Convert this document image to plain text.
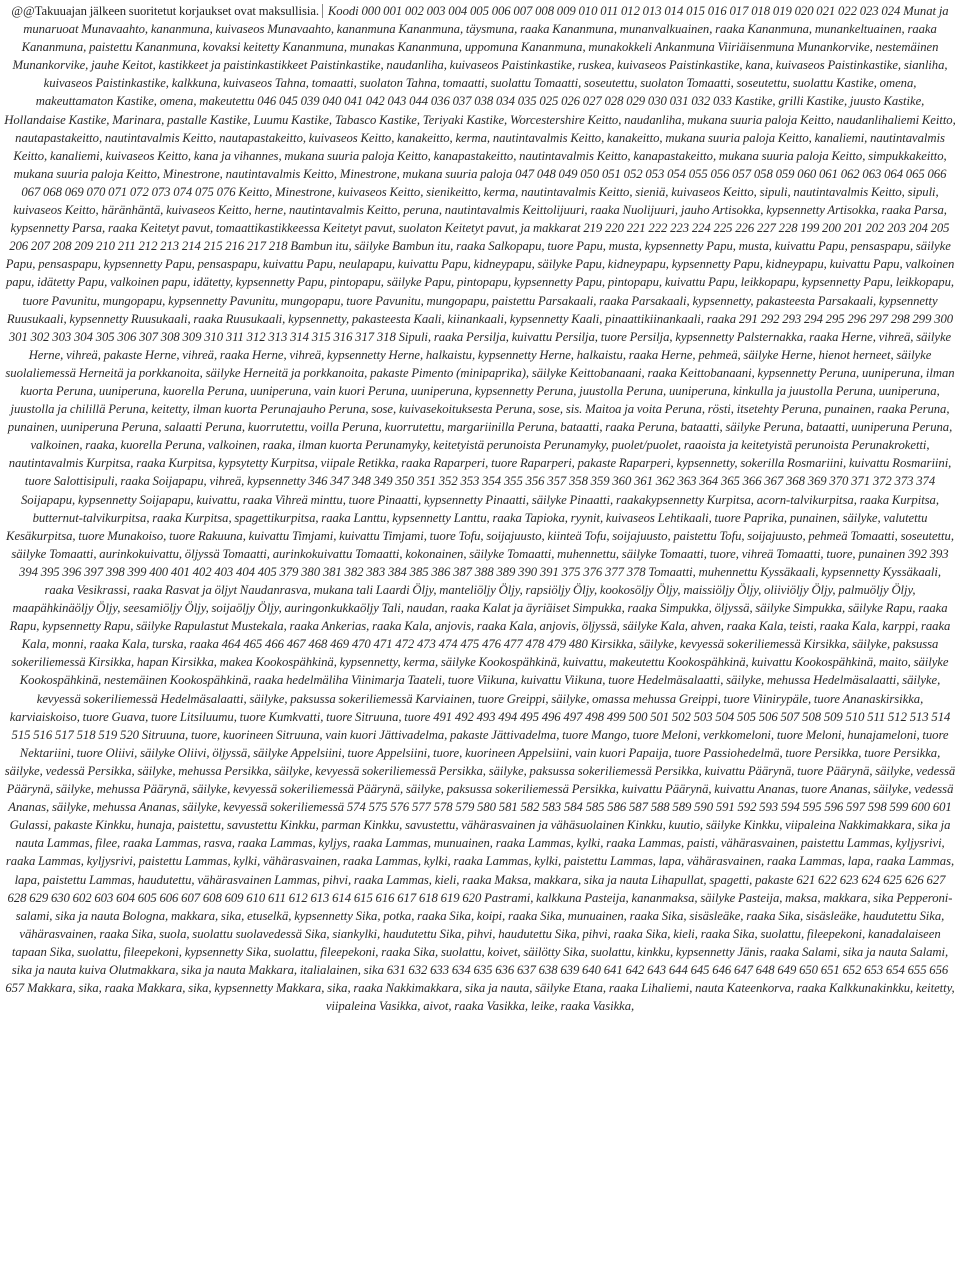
@@Takuuajan jälkeen suoritetut korjaukset ovat maksullisia. Koodi 000 001 002 003 004 005 006 007 008 009 010 011 012 013 014 015 016 017 018 019 020 021 022 023 024 Munat ja munaruoat Munavaahto, kananmuna, kuivaseos Munavaahto, kananmuna Kananmuna, täysmuna, raaka Kananmuna, munanvalkuainen, raaka Kananmuna, munankeltuainen, raaka Kananmuna, paistettu Kananmuna, kovaksi keitetty Kananmuna, munakas Kananmuna, uppomuna Kananmuna, munakokkeli Ankanmuna Viiriäisenmuna Munankorvike, nestemäinen Munankorvike, jauhe Keitot, kastikkeet ja paistinkastikkeet Paistinkastike, naudanliha, kuivaseos Paistinkastike, ruskea, kuivaseos Paistinkastike, kana, kuivaseos Paistinkastike, sianliha, kuivaseos Paistinkastike, kalkkuna, kuivaseos Tahna, tomaatti, suolaton Tahna, tomaatti, suolattu Tomaatti, soseutettu, suolaton Tomaatti, soseutettu, suolattu Kastike, omena, makeuttamaton Kastike, omena, makeutettu 046 045 039 040 041 042 043 044 036 037 038 034 035 025 026 027 028 029 030 031 032 033 Kastike, grilli Kastike, juusto Kastike, Hollandaise Kastike, Marinara, pastalle Kastike, Luumu Kastike, Tabasco Kastike, Teriyaki Kastike, Worcestershire Keitto, naudanliha, mukana suuria paloja Keitto, naudanlihaliemi Keitto, nautapastakeitto, nautintavalmis Keitto, nautapastakeitto, kuivaseos Keitto, kanakeitto, kerma, nautintavalmis Keitto, kanakeitto, mukana suuria paloja Keitto, kanaliemi, nautintavalmis Keitto, kanaliemi, kuivaseos Keitto, kana ja vihannes, mukana suuria paloja Keitto, kanapastakeitto, nautintavalmis Keitto, kanapastakeitto, mukana suuria paloja Keitto, simpukkakeitto, mukana suuria paloja Keitto, Minestrone, nautintavalmis Keitto, Minestrone, mukana suuria paloja 047 048 049 050 051 052 053 054 055 056 057 058 059 060 061 062 063 064 065 066 067 068 069 070 071 072 073 074 075 076 Keitto, Minestrone, kuivaseos Keitto, sienikeitto, kerma, nautintavalmis Keitto, sieniä, kuivaseos Keitto, sipuli, nautintavalmis Keitto, sipuli, kuivaseos Keitto, häränhäntä, kuivaseos Keitto, herne, nautintavalmis Keitto, peruna, nautintavalmis Keittolijuuri, raaka Nuolijuuri, jauho Artisokka, kypsennetty Artisokka, raaka Parsa, kypsennetty Parsa, raaka Keitetyt pavut, tomaattikastikkeessa Keitetyt pavut, suolaton Keitetyt pavut, ja makkarat 219 220 221 222 223 224 225 226 227 228 199 200 201 202 203 204 205 206 207 208 209 210 211 212 213 214 215 216 217 218 Bambun itu, säilyke Bambun itu, raaka Salkopapu, tuore Papu, musta, kypsennetty Papu, musta, kuivattu Papu, pensaspapu, säilyke Papu, pensaspapu, kypsennetty Papu, pensaspapu, kuivattu Papu, neulapapu, kuivattu Papu, kidneypapu, säilyke Papu, kidneypapu, kypsennetty Papu, kidneypapu, kuivattu Papu, valkoinen papu, idätetty Papu, valkoinen papu, idätetty, kypsennetty Papu, pintopapu, säilyke Papu, pintopapu, kypsennetty Papu, pintopapu, kuivattu Papu, leikkopapu, kypsennetty Papu, leikkopapu, tuore Pavunitu, mungopapu, kypsennetty Pavunitu, mungopapu, tuore Pavunitu, mungopapu, paistettu Parsakaali, raaka Parsakaali, kypsennetty, pakasteesta Parsakaali, kypsennetty Ruusukaali, kypsennetty Ruusukaali, raaka Ruusukaali, kypsennetty, pakasteesta Kaali, kiinankaali, kypsennetty Kaali, pinaattikiinankaali, raaka 291 292 293 294 295 296 297 298 299 300 301 302 303 304 305 306 307 308 309 310 311 312 313 314 315 316 317 318 Sipuli, raaka Persilja, kuivattu Persilja, tuore Persilja, kypsennetty Palsternakka, raaka Herne, vihreä, säilyke Herne, vihreä, pakaste Herne, vihreä, raaka Herne, vihreä, kypsennetty Herne, halkaistu, kypsennetty Herne, halkaistu, raaka Herne, pehmeä, säilyke Herne, hienot herneet, säilyke suolaliemessä Herneitä ja porkkanoita, säilyke Herneitä ja porkkanoita, pakaste Pimento (minipaprika), säilyke Keittobanaani, raaka Keittobanaani, kypsennetty Peruna, uuniperuna, ilman kuorta Peruna, uuniperuna, kuorella Peruna, uuniperuna, vain kuori Peruna, uuniperuna, kypsennetty Peruna, juustolla Peruna, uuniperuna, kinkulla ja juustolla Peruna, uuniperuna, juustolla ja chilillä Peruna, keitetty, ilman kuorta Perunajauho Peruna, sose, kuivasekoituksesta Peruna, sose, sis. Maitoa ja voita Peruna, rösti, itsetehty Peruna, punainen, raaka Peruna, punainen, uuniperuna Peruna, salaatti Peruna, kuorrutettu, voilla Peruna, kuorrutettu, margariinilla Peruna, bataatti, raaka Peruna, bataatti, säilyke Peruna, bataatti, uuniperuna Peruna, valkoinen, raaka, kuorella Peruna, valkoinen, raaka, ilman kuorta Perunamyky, keitetyistä perunoista Perunamyky, puolet/puolet, raaoista ja keitetyistä perunoista Perunakroketti, nautintavalmis Kurpitsa, raaka Kurpitsa, kypsytetty Kurpitsa, viipale Retikka, raaka Raparperi, tuore Raparperi, pakaste Raparperi, kypsennetty, sokerilla Rosmariini, kuivattu Rosmariini, tuore Salottisipuli, raaka Soijapapu, vihreä, kypsennetty 346 347 348 349 350 351 352 353 354 355 356 357 358 359 360 361 362 363 364 365 366 367 368 369 370 371 372 373 374 Soijapapu, kypsennetty Soijapapu, kuivattu, raaka Vihreä minttu, tuore Pinaatti, kypsennetty Pinaatti, säilyke Pinaatti, raakakypsennetty Kurpitsa, acorn-talvikurpitsa, raaka Kurpitsa, butternut-talvikurpitsa, raaka Kurpitsa, spagettikurpitsa, raaka Lanttu, kypsennetty Lanttu, raaka Tapioka, ryynit, kuivaseos Lehtikaali, tuore Paprika, punainen, säilyke, valutettu Kesäkurpitsa, tuore Munakoiso, tuore Rakuuna, kuivattu Timjami, kuivattu Timjami, tuore Tofu, soijajuusto, kiinteä Tofu, soijajuusto, paistettu Tofu, soijajuusto, pehmeä Tomaatti, soseutettu, säilyke Tomaatti, aurinkokuivattu, öljyssä Tomaatti, aurinkokuivattu Tomaatti, kokonainen, säilyke Tomaatti, muhennettu, säilyke Tomaatti, tuore, vihreä Tomaatti, tuore, punainen 392 393 394 395 396 397 398 399 400 401 402 403 404 405 379 380 381 382 383 384 385 386 387 388 389 390 391 375 376 377 378 Tomaatti, muhennettu Kyssäkaali, kypsennetty Kyssäkaali, raaka Vesikrassi, raaka Rasvat ja öljyt Naudanrasva, mukana tali Laardi Öljy, manteliöljy Öljy, rapsiöljy Öljy, kookosöljy Öljy, maissiöljy Öljy, oliiviöljy Öljy, palmuöljy Öljy, maapähkinäöljy Öljy, seesamiöljy Öljy, soijaöljy Öljy, auringonkukkaöljy Tali, naudan, raaka Kalat ja äyriäiset Simpukka, raaka Simpukka, öljyssä, säilyke Simpukka, säilyke Rapu, raaka Rapu, kypsennetty Rapu, säilyke Rapulastut Mustekala, raaka Ankerias, raaka Kala, anjovis, raaka Kala, anjovis, öljyssä, säilyke Kala, ahven, raaka Kala, teisti, raaka Kala, karppi, raaka Kala, monni, raaka Kala, turska, raaka 464 465 466 467 468 469 470 471 472 473 474 475 476 477 478 479 480 Kirsikka, säilyke, kevyessä sokeriliemessä Kirsikka, säilyke, paksussa sokeriliemessä Kirsikka, hapan Kirsikka, makea Kookospähkinä, kypsennetty, kerma, säilyke Kookospähkinä, kuivattu, makeutettu Kookospähkinä, kuivattu Kookospähkinä, maito, säilyke Kookospähkinä, nestemäinen Kookospähkinä, raaka hedelmäliha Viinimarja Taateli, tuore Viikuna, kuivattu Viikuna, tuore Hedelmäsalaatti, säilyke, mehussa Hedelmäsalaatti, säilyke, kevyessä sokeriliemessä Hedelmäsalaatti, säilyke, paksussa sokeriliemessä Karviainen, tuore Greippi, säilyke, omassa mehussa Greippi, tuore Viinirypäle, tuore Ananaskirsikka, karviaiskoiso, tuore Guava, tuore Litsiluumu, tuore Kumkvatti, tuore Sitruuna, tuore 491 492 493 494 495 496 497 498 499 500 501 502 503 504 505 506 507 508 509 510 511 512 513 514 515 516 517 518 519 520 Sitruuna, tuore, kuorineen Sitruuna, vain kuori Jättivadelma, pakaste Jättivadelma, tuore Mango, tuore Meloni, verkkomeloni, tuore Meloni, hunajameloni, tuore Nektariini, tuore Oliivi, säilyke Oliivi, öljyssä, säilyke Appelsiini, tuore Appelsiini, tuore, kuorineen Appelsiini, vain kuori Papaija, tuore Passiohedelmä, tuore Persikka, tuore Persikka, säilyke, vedessä Persikka, säilyke, mehussa Persikka, säilyke, kevyessä sokeriliemessä Persikka, säilyke, paksussa sokeriliemessä Persikka, kuivattu Päärynä, tuore Päärynä, säilyke, vedessä Päärynä, säilyke, mehussa Päärynä, säilyke, kevyessä sokeriliemessä Päärynä, säilyke, paksussa sokeriliemessä Persikka, kuivattu Päärynä, kuivattu Ananas, tuore Ananas, säilyke, vedessä Ananas, säilyke, mehussa Ananas, säilyke, kevyessä sokeriliemessä 574 575 576 577 578 579 580 581 582 583 584 585 586 587 588 589 590 591 592 593 594 595 596 597 598 599 600 601 Gulassi, pakaste Kinkku, hunaja, paistettu, savustettu Kinkku, parman Kinkku, savustettu, vähärasvainen ja vähäsuolainen Kinkku, kuutio, säilyke Kinkku, viipaleina Nakkimakkara, sika ja nauta Lammas, filee, raaka Lammas, rasva, raaka Lammas, kyljys, raaka Lammas, munuainen, raaka Lammas, kylki, raaka Lammas, paisti, vähärasvainen, paistettu Lammas, kyljysrivi, raaka Lammas, kyljysrivi, paistettu Lammas, kylki, vähärasvainen, raaka Lammas, kylki, raaka Lammas, kylki, paistettu Lammas, lapa, vähärasvainen, raaka Lammas, lapa, raaka Lammas, lapa, paistettu Lammas, haudutettu, vähärasvainen Lammas, pihvi, raaka Lammas, kieli, raaka Maksa, makkara, sika ja nauta Lihapullat, spagetti, pakaste 621 622 623 624 625 626 627 628 629 630 602 603 604 605 606 607 608 609 610 611 612 613 614 615 616 617 618 619 620 Pastrami, kalkkuna Pasteija, kananmaksa, säilyke Pasteija, maksa, makkara, sika Pepperoni-salami, sika ja nauta Bologna, makkara, sika, etuselkä, kypsennetty Sika, potka, raaka Sika, koipi, raaka Sika, munuainen, raaka Sika, sisäsleäke, raaka Sika, sisäsleäke, haudutettu Sika, vähärasvainen, raaka Sika, suola, suolattu suolavedessä Sika, siankylki, haudutettu Sika, pihvi, haudutettu Sika, pihvi, raaka Sika, kieli, raaka Sika, suolattu, fileepekoni, kanadalaiseen tapaan Sika, suolattu, fileepekoni, kypsennetty Sika, suolattu, fileepekoni, raaka Sika, suolattu, koivet, säilötty Sika, suolattu, kinkku, kypsennetty Jänis, raaka Salami, sika ja nauta Salami, sika ja nauta kuiva Olutmakkara, sika ja nauta Makkara, italialainen, sika 631 632 633 634 635 636 637 638 639 640 641 642 643 644 645 646 647 648 649 650 651 652 653 654 655 656 657 Makkara, sika, raaka Makkara, sika, kypsennetty Makkara, sika, raaka Nakkimakkara, sika ja nauta, säilyke Etana, raaka Lihaliemi, nauta Kateenkorva, raaka Kalkkunakinkku, keitetty, viipaleina Vasikka, aivot, raaka Vasikka, leike, raaka Vasikka,
